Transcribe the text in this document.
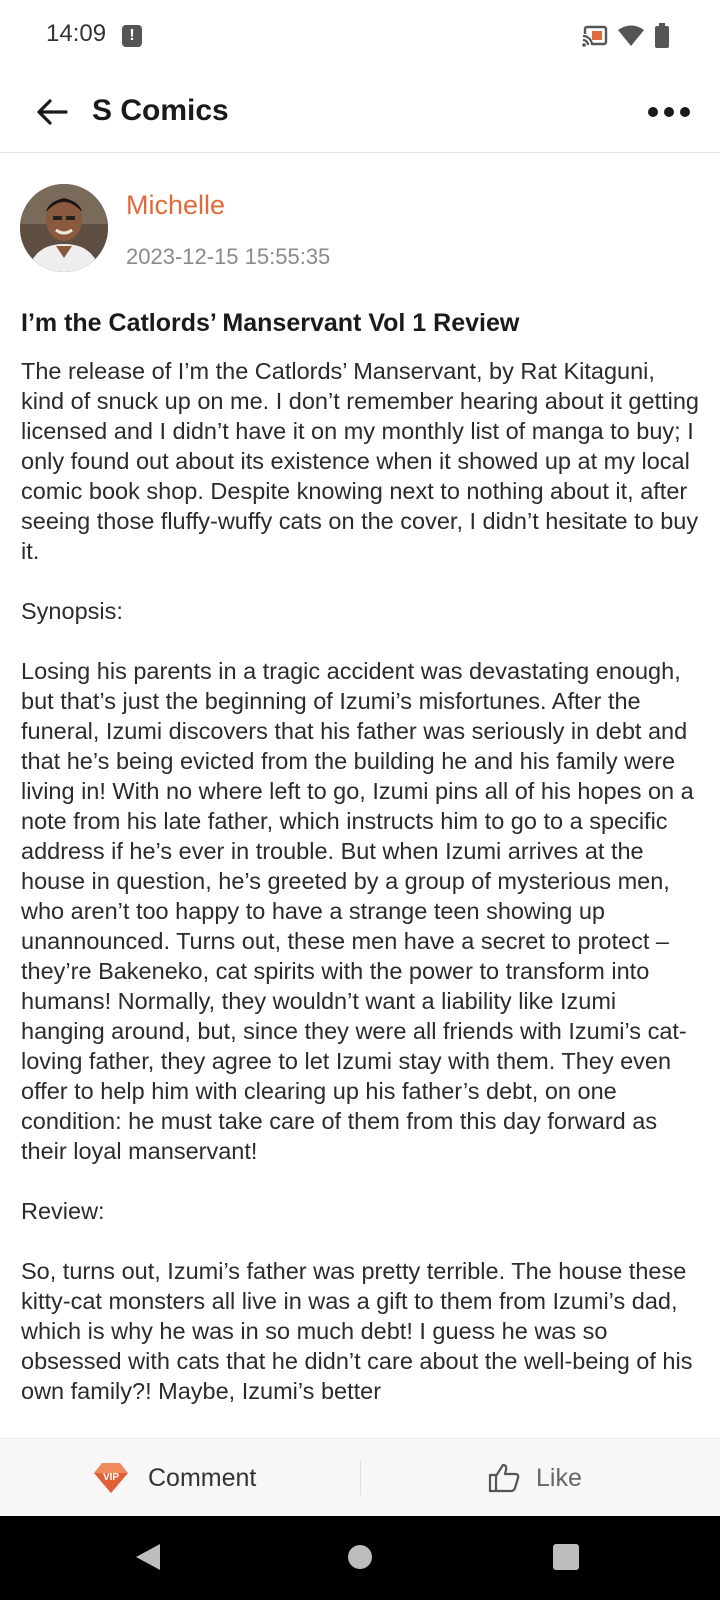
14:09	!
S Comics
Michelle
2023-12-15 15:55:35
I’m the Catlords’ Manservant Vol 1 Review

The release of I’m the Catlords’ Manservant, by Rat Kitaguni, kind of snuck up on me. I don’t remember hearing about it getting licensed and I didn’t have it on my monthly list of manga to buy; I only found out about its existence when it showed up at my local comic book shop. Despite knowing next to nothing about it, after seeing those fluffy-wuffy cats on the cover, I didn’t hesitate to buy it.

Synopsis:

Losing his parents in a tragic accident was devastating enough, but that’s just the beginning of Izumi’s misfortunes. After the funeral, Izumi discovers that his father was seriously in debt and that he’s being evicted from the building he and his family were living in! With no where left to go, Izumi pins all of his hopes on a note from his late father, which instructs him to go to a specific address if he’s ever in trouble. But when Izumi arrives at the house in question, he’s greeted by a group of mysterious men, who aren’t too happy to have a strange teen showing up unannounced. Turns out, these men have a secret to protect – they’re Bakeneko, cat spirits with the power to transform into humans! Normally, they wouldn’t want a liability like Izumi hanging around, but, since they were all friends with Izumi’s cat-loving father, they agree to let Izumi stay with them. They even offer to help him with clearing up his father’s debt, on one condition: he must take care of them from this day forward as their loyal manservant!

Review:

So, turns out, Izumi’s father was pretty terrible. The house these kitty-cat monsters all live in was a gift to them from Izumi’s dad, which is why he was in so much debt! I guess he was so obsessed with cats that he didn’t care about the well-being of his own family?! Maybe, Izumi’s better

VIP Comment	Like
